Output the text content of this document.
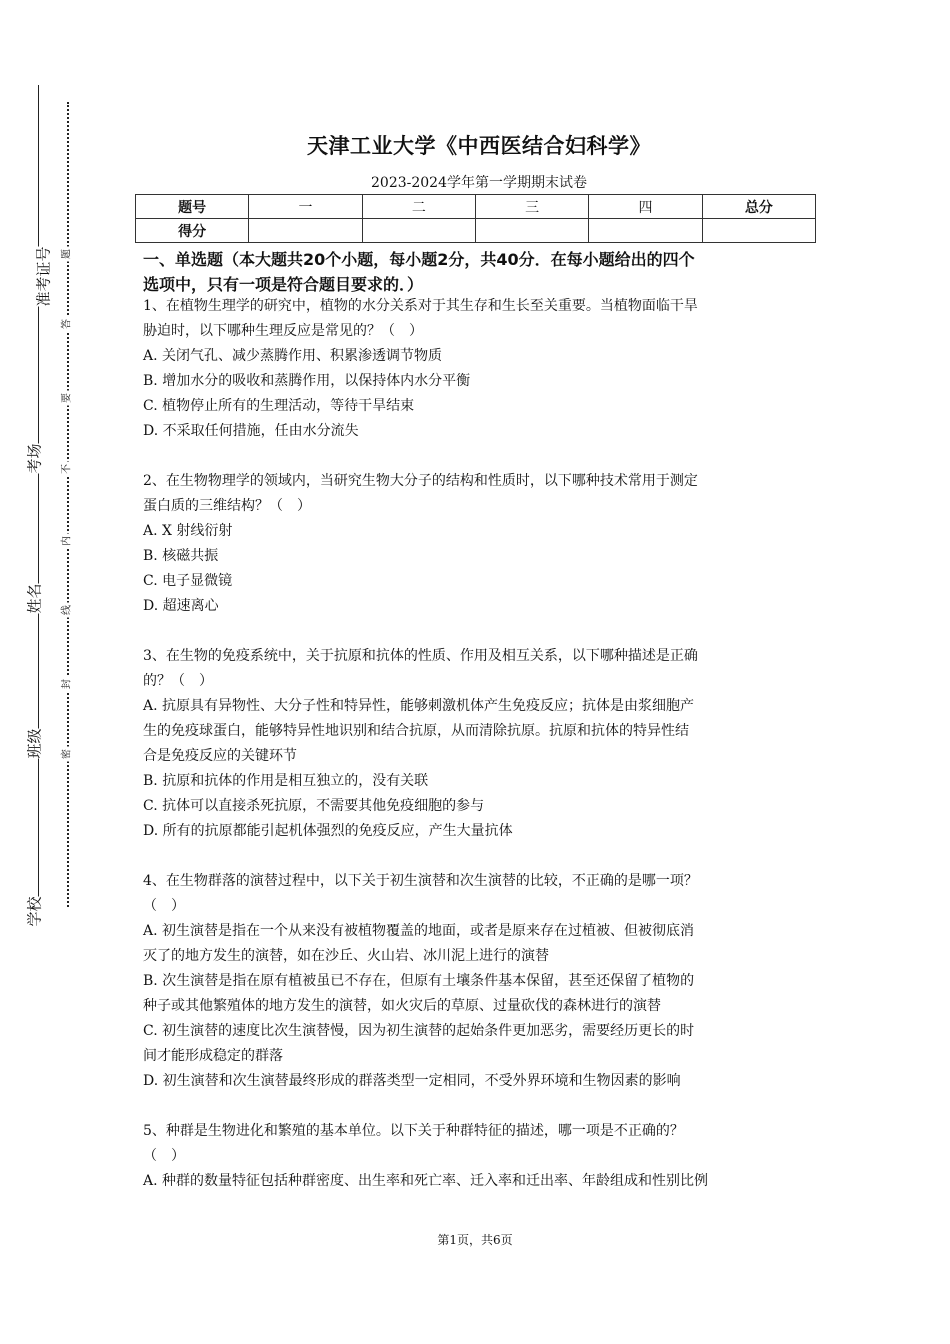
准考证号
考场
姓名
班级
学校
题
答
要
不
内
线
封
密
天津工业大学《中西医结合妇科学》
2023-2024学年第一学期期末试卷
题号	一	二	三	四	总分
得分					
一、单选题（本大题共20个小题，每小题2分，共40分．在每小题给出的四个
选项中，只有一项是符合题目要求的．）

1、在植物生理学的研究中，植物的水分关系对于其生存和生长至关重要。当植物面临干旱

胁迫时，以下哪种生理反应是常见的？（　）

A. 关闭气孔、减少蒸腾作用、积累渗透调节物质

B. 增加水分的吸收和蒸腾作用，以保持体内水分平衡

C. 植物停止所有的生理活动，等待干旱结束

D. 不采取任何措施，任由水分流失

2、在生物物理学的领域内，当研究生物大分子的结构和性质时，以下哪种技术常用于测定

蛋白质的三维结构？（　）

A. X 射线衍射

B. 核磁共振

C. 电子显微镜

D. 超速离心

3、在生物的免疫系统中，关于抗原和抗体的性质、作用及相互关系，以下哪种描述是正确

的？（　）

A. 抗原具有异物性、大分子性和特异性，能够刺激机体产生免疫反应；抗体是由浆细胞产

生的免疫球蛋白，能够特异性地识别和结合抗原，从而清除抗原。抗原和抗体的特异性结

合是免疫反应的关键环节

B. 抗原和抗体的作用是相互独立的，没有关联

C. 抗体可以直接杀死抗原，不需要其他免疫细胞的参与

D. 所有的抗原都能引起机体强烈的免疫反应，产生大量抗体

4、在生物群落的演替过程中，以下关于初生演替和次生演替的比较，不正确的是哪一项？

（　）

A. 初生演替是指在一个从来没有被植物覆盖的地面，或者是原来存在过植被、但被彻底消

灭了的地方发生的演替，如在沙丘、火山岩、冰川泥上进行的演替

B. 次生演替是指在原有植被虽已不存在，但原有土壤条件基本保留，甚至还保留了植物的

种子或其他繁殖体的地方发生的演替，如火灾后的草原、过量砍伐的森林进行的演替

C. 初生演替的速度比次生演替慢，因为初生演替的起始条件更加恶劣，需要经历更长的时

间才能形成稳定的群落

D. 初生演替和次生演替最终形成的群落类型一定相同，不受外界环境和生物因素的影响

5、种群是生物进化和繁殖的基本单位。以下关于种群特征的描述，哪一项是不正确的？

（　）

A. 种群的数量特征包括种群密度、出生率和死亡率、迁入率和迁出率、年龄组成和性别比例

第1页，共6页
